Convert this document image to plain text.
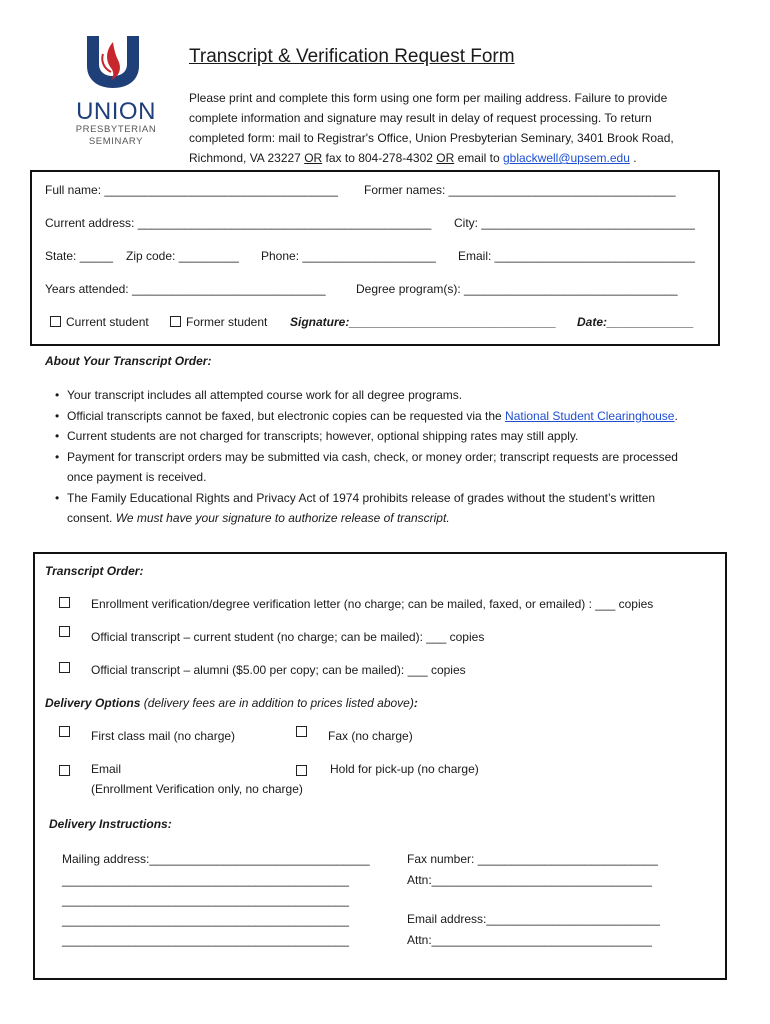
UNION
PRESBYTERIAN
SEMINARY
Transcript & Verification Request Form
Please print and complete this form using one form per mailing address. Failure to provide
complete information and signature may result in delay of request processing. To return
completed form: mail to Registrar's Office, Union Presbyterian Seminary, 3401 Brook Road,
Richmond, VA 23227 OR fax to 804-278-4302 OR email to gblackwell@upsem.edu .
Full name: ___________________________________ Former names: __________________________________
Current address: ____________________________________________ City: ________________________________
State: _____ Zip code: _________ Phone: ____________________ Email: ______________________________
Years attended: _____________________________	Degree program(s): ________________________________
Current student	Former student Signature:_______________________________ Date:_____________
About Your Transcript Order:
• Your transcript includes all attempted course work for all degree programs.
• Official transcripts cannot be faxed, but electronic copies can be requested via the National Student Clearinghouse.
• Current students are not charged for transcripts; however, optional shipping rates may still apply.
• Payment for transcript orders may be submitted via cash, check, or money order; transcript requests are processed
once payment is received.
• The Family Educational Rights and Privacy Act of 1974 prohibits release of grades without the student’s written
consent. We must have your signature to authorize release of transcript.
Transcript Order:
Enrollment verification/degree verification letter (no charge; can be mailed, faxed, or emailed) : ___ copies
Official transcript – current student (no charge; can be mailed): ___ copies
Official transcript – alumni ($5.00 per copy; can be mailed): ___ copies
Delivery Options (delivery fees are in addition to prices listed above):
First class mail (no charge)	Fax (no charge)
Email
(Enrollment Verification only, no charge)
Hold for pick-up (no charge)
Delivery Instructions:
Mailing address:_________________________________
___________________________________________
___________________________________________
___________________________________________
___________________________________________
Fax number: ___________________________
Attn:_________________________________
Email address:__________________________
Attn:_________________________________
